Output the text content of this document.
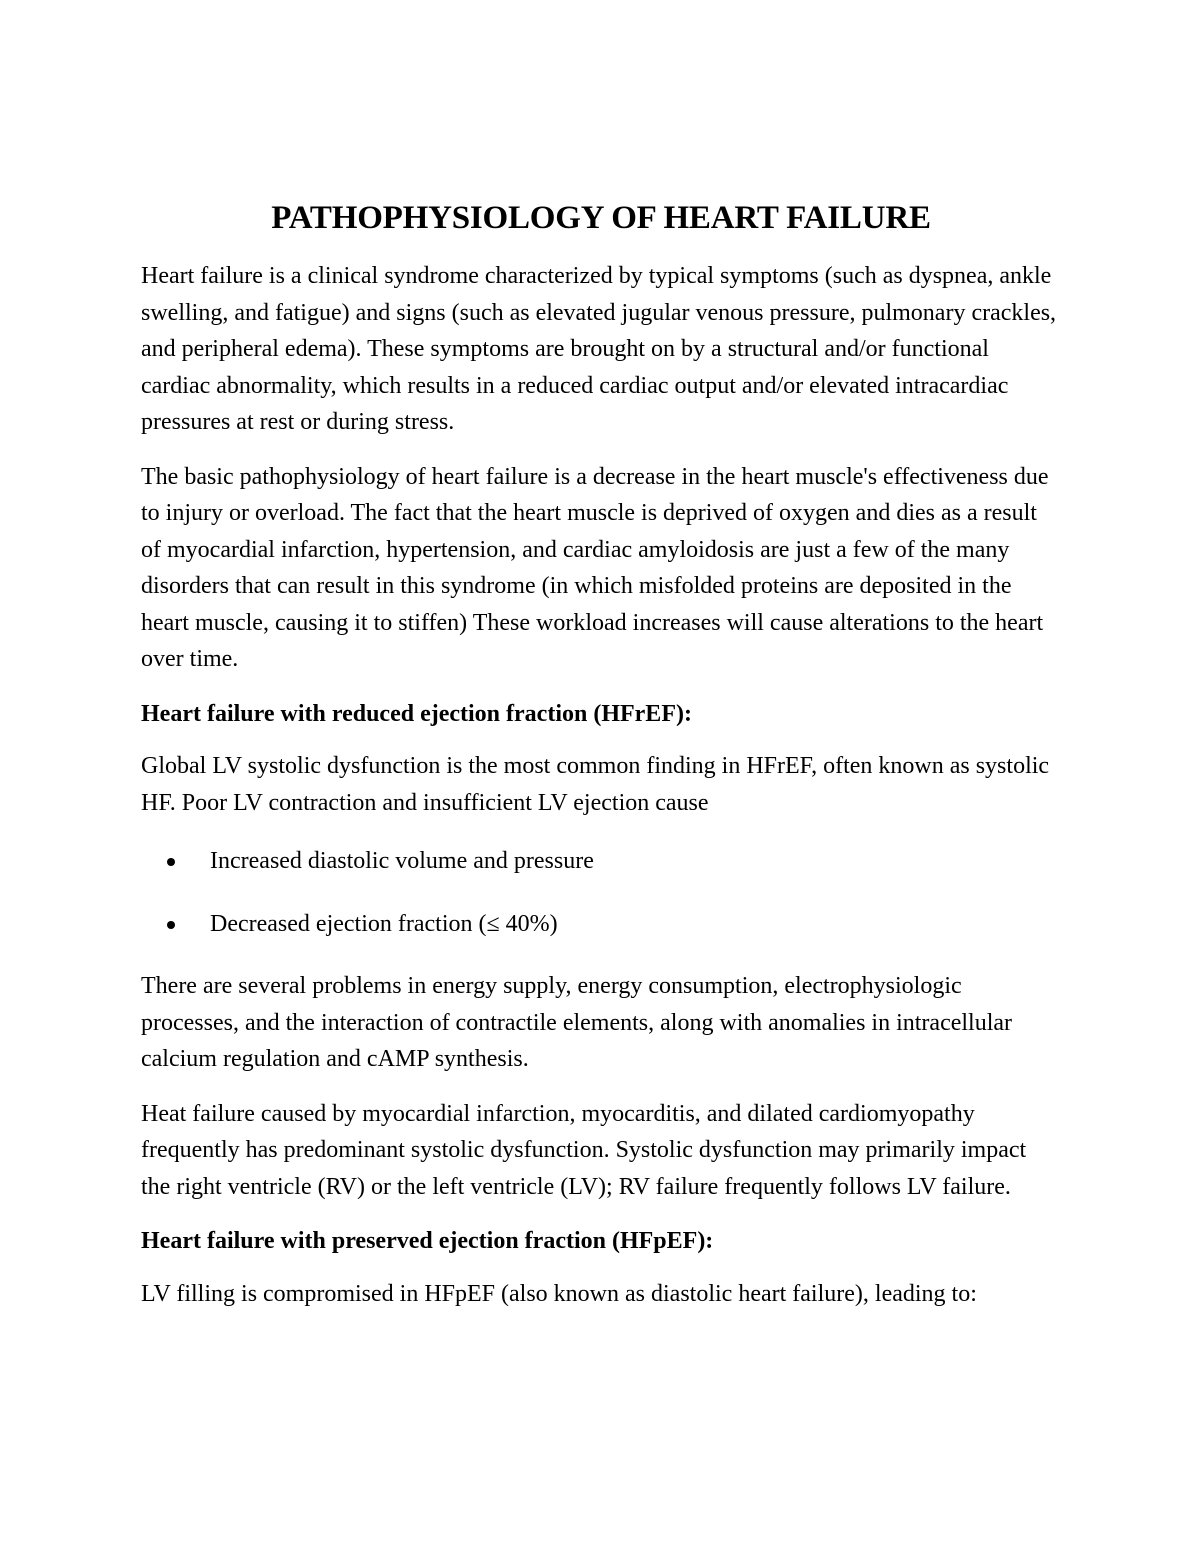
PATHOPHYSIOLOGY OF HEART FAILURE

Heart failure is a clinical syndrome characterized by typical symptoms (such as dyspnea, ankle swelling, and fatigue) and signs (such as elevated jugular venous pressure, pulmonary crackles, and peripheral edema). These symptoms are brought on by a structural and/or functional cardiac abnormality, which results in a reduced cardiac output and/or elevated intracardiac pressures at rest or during stress.

The basic pathophysiology of heart failure is a decrease in the heart muscle's effectiveness due to injury or overload. The fact that the heart muscle is deprived of oxygen and dies as a result of myocardial infarction, hypertension, and cardiac amyloidosis are just a few of the many disorders that can result in this syndrome (in which misfolded proteins are deposited in the heart muscle, causing it to stiffen) These workload increases will cause alterations to the heart over time.

Heart failure with reduced ejection fraction (HFrEF):

Global LV systolic dysfunction is the most common finding in HFrEF, often known as systolic HF. Poor LV contraction and insufficient LV ejection cause

Increased diastolic volume and pressure
Decreased ejection fraction (≤ 40%)

There are several problems in energy supply, energy consumption, electrophysiologic processes, and the interaction of contractile elements, along with anomalies in intracellular calcium regulation and cAMP synthesis.

Heat failure caused by myocardial infarction, myocarditis, and dilated cardiomyopathy frequently has predominant systolic dysfunction. Systolic dysfunction may primarily impact the right ventricle (RV) or the left ventricle (LV); RV failure frequently follows LV failure.

Heart failure with preserved ejection fraction (HFpEF):

LV filling is compromised in HFpEF (also known as diastolic heart failure), leading to:
